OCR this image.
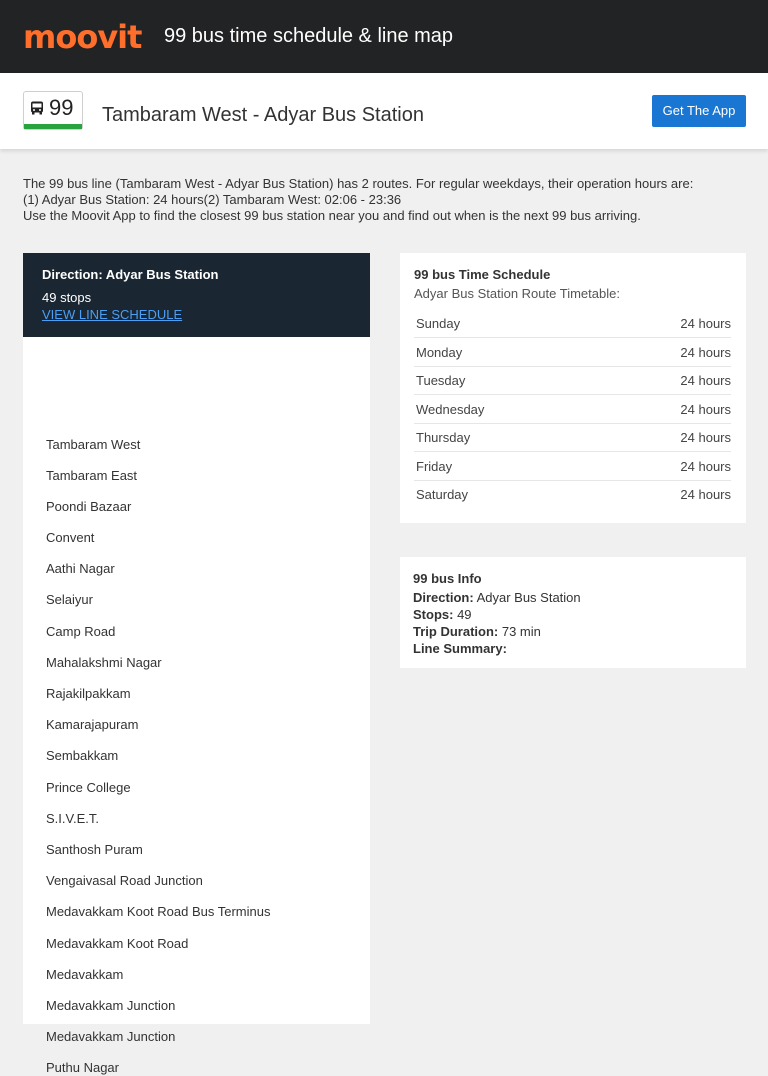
moovit 99 bus time schedule & line map
99 Tambaram West - Adyar Bus Station	Get The App
The 99 bus line (Tambaram West - Adyar Bus Station) has 2 routes. For regular weekdays, their operation hours are:
(1) Adyar Bus Station: 24 hours(2) Tambaram West: 02:06 - 23:36
Use the Moovit App to find the closest 99 bus station near you and find out when is the next 99 bus arriving.
Direction: Adyar Bus Station
49 stops
VIEW LINE SCHEDULE
Tambaram West
Tambaram East
Poondi Bazaar
Convent
Aathi Nagar
Selaiyur
Camp Road
Mahalakshmi Nagar
Rajakilpakkam
Kamarajapuram
Sembakkam
Prince College
S.I.V.E.T.
Santhosh Puram
Vengaivasal Road Junction
Medavakkam Koot Road Bus Terminus
Medavakkam Koot Road
Medavakkam
Medavakkam Junction
Medavakkam Junction
Puthu Nagar
99 bus Time Schedule
Adyar Bus Station Route Timetable:
Sunday	24 hours
Monday	24 hours
Tuesday	24 hours
Wednesday	24 hours
Thursday	24 hours
Friday	24 hours
Saturday	24 hours
99 bus Info
Direction: Adyar Bus Station
Stops: 49
Trip Duration: 73 min
Line Summary:
